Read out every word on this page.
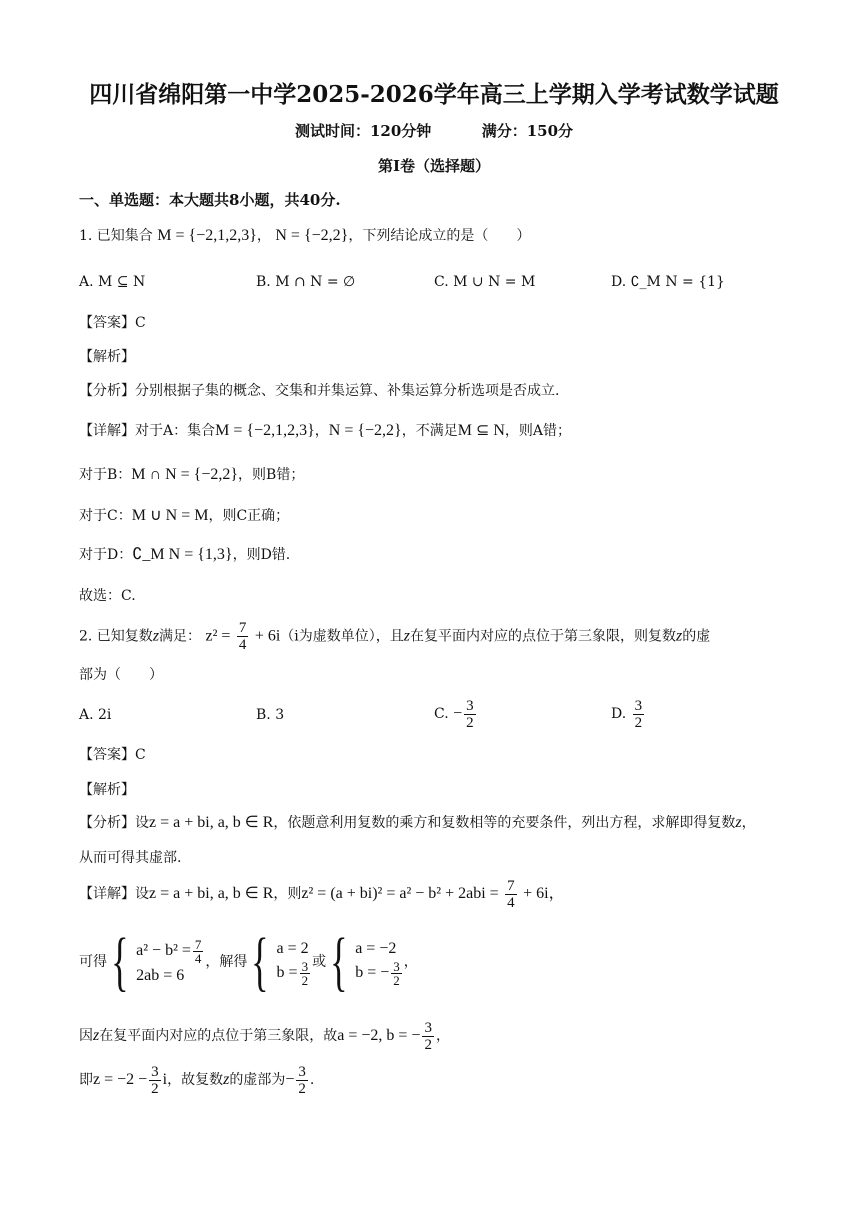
四川省绵阳第一中学2025-2026学年高三上学期入学考试数学试题
测试时间：120分钟	满分：150分
第Ⅰ卷（选择题）
一、单选题：本大题共8小题，共40分.
1. 已知集合 M = {−2,1,2,3}， N = {−2,2}，下列结论成立的是（　　）
A. M ⊆ N	B. M ∩ N = ∅	C. M ∪ N = M	D. ∁_M N = {1}
【答案】C
【解析】
【分析】分别根据子集的概念、交集和并集运算、补集运算分析选项是否成立.
【详解】对于A：集合M = {−2,1,2,3}，N = {−2,2}，不满足M ⊆ N，则A错；
对于B：M ∩ N = {−2,2}，则B错；
对于C：M ∪ N = M，则C正确；
对于D：∁_M N = {1,3}，则D错.
故选：C.
2. 已知复数z满足： $z^2 = \frac{7}{4} + 6i(i$为虚数单位），且z在复平面内对应的点位于第三象限，则复数z的虚
部为（　　）
A. 2i	B. 3	C. − $\frac{3}{2}$	D. $\frac{3}{2}$
【答案】C
【解析】
【分析】设z = a + bi, a, b ∈ R，依题意利用复数的乘方和复数相等的充要条件，列出方程，求解即得复数z，
从而可得其虚部.
【详解】设z = a + bi, a, b ∈ R，则$z^2 = (a + bi)^2 = a^2 - b^2 + 2abi = \frac{7}{4} + 6i$，
可得{ $a^2 - b^2 = \frac{7}{4}$
2ab = 6
，解得{ a = 2
$b = \frac{3}{2}$ 或{ a = −2
b = − $\frac{3}{2}$ ，
因z在复平面内对应的点位于第三象限，故a = −2, b = − $\frac{3}{2}$ ，
即$z = -2 - \frac{3}{2}$ i，故复数z的虚部为− $\frac{3}{2}$ .
